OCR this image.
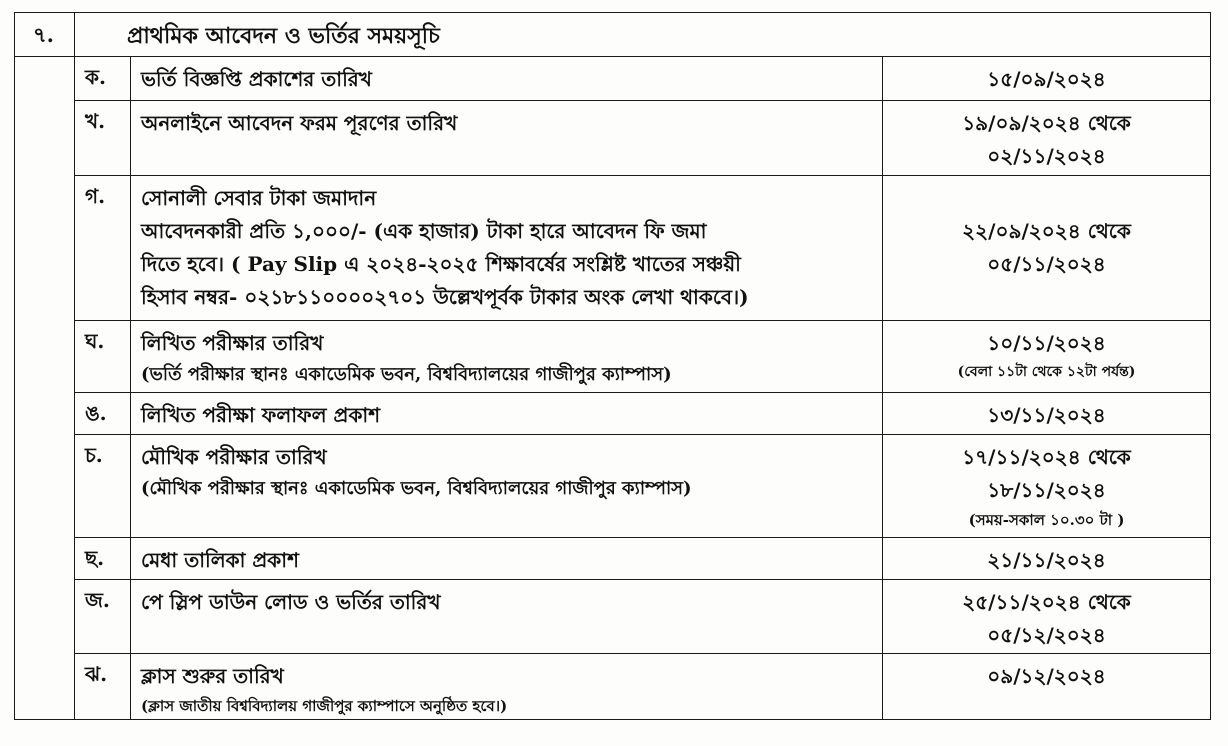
৭.	প্রাথমিক আবেদন ও ভর্তির সময়সূচি		
	ক.	ভর্তি বিজ্ঞপ্তি প্রকাশের তারিখ	১৫/০৯/২০২৪

	খ.	অনলাইনে আবেদন ফরম পূরণের তারিখ	১৯/০৯/২০২৪ থেকে
০২/১১/২০২৪

	গ.	সোনালী সেবার টাকা জমাদান
আবেদনকারী প্রতি ১,০০০/- (এক হাজার) টাকা হারে আবেদন ফি জমা
দিতে হবে। ( Pay Slip এ ২০২৪-২০২৫ শিক্ষাবর্ষের সংশ্লিষ্ট খাতের সঞ্চয়ী
হিসাব নম্বর- ০২১৮১১০০০০২৭০১ উল্লেখপূর্বক টাকার অংক লেখা থাকবে।)	২২/০৯/২০২৪ থেকে
০৫/১১/২০২৪

	ঘ.	লিখিত পরীক্ষার তারিখ
(ভর্তি পরীক্ষার স্থানঃ একাডেমিক ভবন, বিশ্ববিদ্যালয়ের গাজীপুর ক্যাম্পাস)	১০/১১/২০২৪
(বেলা ১১টা থেকে ১২টা পর্যন্ত)

	ঙ.	লিখিত পরীক্ষা ফলাফল প্রকাশ	১৩/১১/২০২৪

	চ.	মৌখিক পরীক্ষার তারিখ
(মৌখিক পরীক্ষার স্থানঃ একাডেমিক ভবন, বিশ্ববিদ্যালয়ের গাজীপুর ক্যাম্পাস)	১৭/১১/২০২৪ থেকে
১৮/১১/২০২৪
(সময়-সকাল ১০.৩০ টা )

	ছ.	মেধা তালিকা প্রকাশ	২১/১১/২০২৪

	জ.	পে স্লিপ ডাউন লোড ও ভর্তির তারিখ	২৫/১১/২০২৪ থেকে
০৫/১২/২০২৪

	ঝ.	ক্লাস শুরুর তারিখ
(ক্লাস জাতীয় বিশ্ববিদ্যালয় গাজীপুর ক্যাম্পাসে অনুষ্ঠিত হবে।)	০৯/১২/২০২৪
